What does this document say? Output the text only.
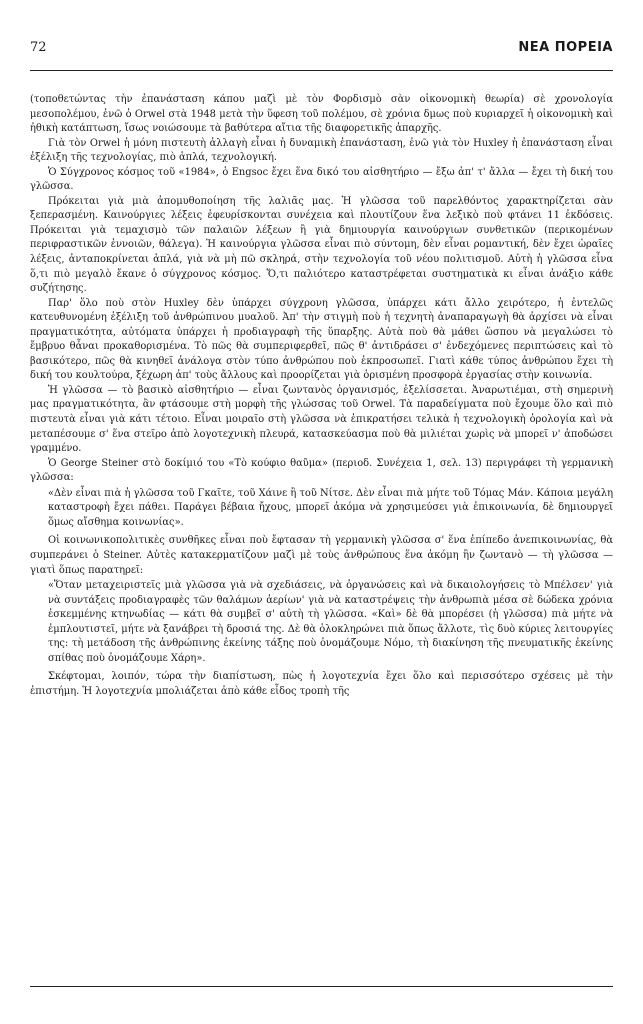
72	ΝΕΑ ΠΟΡΕΙΑ

(τοποθετώντας τὴν ἐπανάσταση κάπου μαζὶ μὲ τὸν Φορδισμὸ σὰν οἰκονομικὴ θεωρία) σὲ χρονολογία μεσοπολέμου, ἐνῶ ὁ Orwel στὰ 1948 μετὰ τὴν ὕφεση τοῦ πολέμου, σὲ χρόνια δμως ποὺ κυριαρχεῖ ἡ οἰκονομικὴ καὶ ἠθικὴ κατάπτωση, ἴσως νοιώσουμε τὰ βαθύτερα αἴτια τῆς διαφορετικῆς ἀπαρχῆς.

Γιὰ τὸν Orwel ἡ μόνη πιστευτὴ ἀλλαγὴ εἶναι ἡ δυναμικὴ ἐπανάσταση, ἐνῶ γιὰ τὸν Huxley ἡ ἐπανάσταση εἶναι ἐξέλιξη τῆς τεχνολογίας, πιὸ ἁπλά, τεχνολογική.

Ὁ Σύγχρονος κόσμος τοῦ «1984», ὁ Engsoc ἔχει ἕνα δικό του αἰσθητήριο — ἔξω ἀπ' τ' ἄλλα — ἔχει τὴ δική του γλῶσσα.

Πρόκειται γιὰ μιὰ ἀπομυθοποίηση τῆς λαλιᾶς μας. Ἡ γλῶσσα τοῦ παρελθόντος χαρακτηρίζεται σὰν ξεπερασμένη. Καινούργιες λέξεις ἐφευρίσκονται συνέχεια καὶ πλουτίζουν ἕνα λεξικὸ ποὺ φτάνει 11 ἐκδόσεις. Πρόκειται γιὰ τεμαχισμὸ τῶν παλαιῶν λέξεων ἢ γιὰ δημιουργία καινούργιων συνθετικῶν (περικομένων περιφραστικῶν ἐννοιῶν, θάλεγα). Ἡ καινούργια γλῶσσα εἶναι πιὸ σύντομη, δὲν εἶναι ρομαντική, δὲν ἔχει ὡραῖες λέξεις, ἀνταποκρίνεται ἁπλά, γιὰ νὰ μὴ πῶ σκληρά, στὴν τεχνολογία τοῦ νέου πολιτισμοῦ. Αὐτὴ ἡ γλῶσσα εἶνα ὅ,τι πιὸ μεγαλὸ ἔκανε ὁ σύγχρονος κόσμος. Ὅ,τι παλιότερο καταστρέφεται συστηματικὰ κι εἶναι ἀνάξιο κάθε συζήτησης.

Παρ' ὅλο ποὺ στὸν Huxley δὲν ὑπάρχει σύγχρονη γλῶσσα, ὑπάρχει κάτι ἄλλο χειρότερο, ἡ ἐντελῶς κατευθυνομένη ἐξέλιξη τοῦ ἀνθρώπινου μυαλοῦ. Ἀπ' τὴν στιγμὴ ποὺ ἡ τεχνητὴ ἀναπαραγωγὴ θὰ ἀρχίσει νὰ εἶναι πραγματικότητα, αὐτόματα ὑπάρχει ἡ προδιαγραφὴ τῆς ὕπαρξης. Αὐτὰ ποὺ θὰ μάθει ὥσπου νὰ μεγαλώσει τὸ ἔμβρυο θἆναι προκαθορισμένα. Τὸ πῶς θὰ συμπεριφερθεῖ, πῶς θ' ἀντιδράσει σ' ἐνδεχόμενες περιπτώσεις καὶ τὸ βασικότερο, πῶς θὰ κινηθεῖ ἀνάλογα στὸν τύπο ἀνθρώπου ποὺ ἐκπροσωπεῖ. Γιατὶ κάθε τύπος ἀνθρώπου ἔχει τὴ δική του κουλτούρα, ξέχωρη ἀπ' τοὺς ἄλλους καὶ προορίζεται γιὰ ὁρισμένη προσφορὰ ἐργασίας στὴν κοινωνία.

Ἡ γλῶσσα — τὸ βασικὸ αἰσθητήριο — εἶναι ζωντανὸς ὀργανισμός, ἐξελίσσεται. Ἀναρωτιέμαι, στὴ σημερινὴ μας πραγματικότητα, ἂν φτάσουμε στὴ μορφὴ τῆς γλώσσας τοῦ Orwel. Τὰ παραδείγματα ποὺ ἔχουμε ὅλο καὶ πιὸ πιστευτὰ εἶναι γιὰ κάτι τέτοιο. Εἶναι μοιραῖο στὴ γλῶσσα νὰ ἐπικρατήσει τελικὰ ἡ τεχνολογικὴ ὁρολογία καὶ νὰ μεταπέσουμε σ' ἕνα στεῖρο ἀπὸ λογοτεχνικὴ πλευρά, κατασκεύασμα ποὺ θὰ μιλιέται χωρὶς νὰ μπορεῖ ν' ἀποδώσει γραμμένο.

Ὁ George Steiner στὸ δοκίμιό του «Τὸ κούφιο θαῦμα» (περιοδ. Συνέχεια 1, σελ. 13) περιγράφει τὴ γερμανικὴ γλῶσσα:

«Δὲν εἶναι πιὰ ἡ γλῶσσα τοῦ Γκαῖτε, τοῦ Χάινε ἢ τοῦ Νίτσε. Δὲν εἶναι πιὰ μήτε τοῦ Τόμας Μάν. Κάποια μεγάλη καταστροφὴ ἔχει πάθει. Παράγει βέβαια ἤχους, μπορεῖ ἀκόμα νὰ χρησιμεύσει γιὰ ἐπικοινωνία, δὲ δημιουργεῖ ὅμως αἴσθημα κοινωνίας».

Οἱ κοινωνικοπολιτικὲς συνθῆκες εἶναι ποὺ ἔφτασαν τὴ γερμανικὴ γλῶσσα σ' ἕνα ἐπίπεδο ἀνεπικοινωνίας, θὰ συμπεράνει ὁ Steiner. Αὐτὲς κατακερματίζουν μαζὶ μὲ τοὺς ἀνθρώπους ἕνα ἀκόμη ἢν ζωντανὸ — τὴ γλῶσσα — γιατὶ ὅπως παρατηρεῖ:

«Ὅταν μεταχειριστεῖς μιὰ γλῶσσα γιὰ νὰ σχεδιάσεις, νὰ ὀργανώσεις καὶ νὰ δικαιολογήσεις τὸ Μπέλσεν' γιὰ νὰ συντάξεις προδιαγραφὲς τῶν θαλάμων ἀερίων' γιὰ νὰ καταστρέψεις τὴν ἀνθρωπιὰ μέσα σὲ δώδεκα χρόνια ἐσκεμμένης κτηνωδίας — κάτι θὰ συμβεῖ σ' αὐτὴ τὴ γλῶσσα. «Καὶ» δὲ θὰ μπορέσει (ἡ γλῶσσα) πιὰ μήτε νὰ ἐμπλουτιστεῖ, μήτε νὰ ξανάβρει τὴ δροσιά της. Δὲ θὰ ὁλοκληρώνει πιὰ ὅπως ἄλλοτε, τὶς δυὸ κύριες λειτουργίες της: τὴ μετάδοση τῆς ἀνθρώπινης ἐκείνης τάξης ποὺ ὀνομάζουμε Νόμο, τὴ διακίνηση τῆς πνευματικῆς ἐκείνης σπίθας ποὺ ὀνομάζουμε Χάρη».

Σκέφτομαι, λοιπόν, τώρα τὴν διαπίστωση, πὼς ἡ λογοτεχνία ἔχει ὅλο καὶ περισσότερο σχέσεις μὲ τὴν ἐπιστήμη. Ἡ λογοτεχνία μπολιάζεται ἀπὸ κάθε εἶδος τροπὴ τῆς
